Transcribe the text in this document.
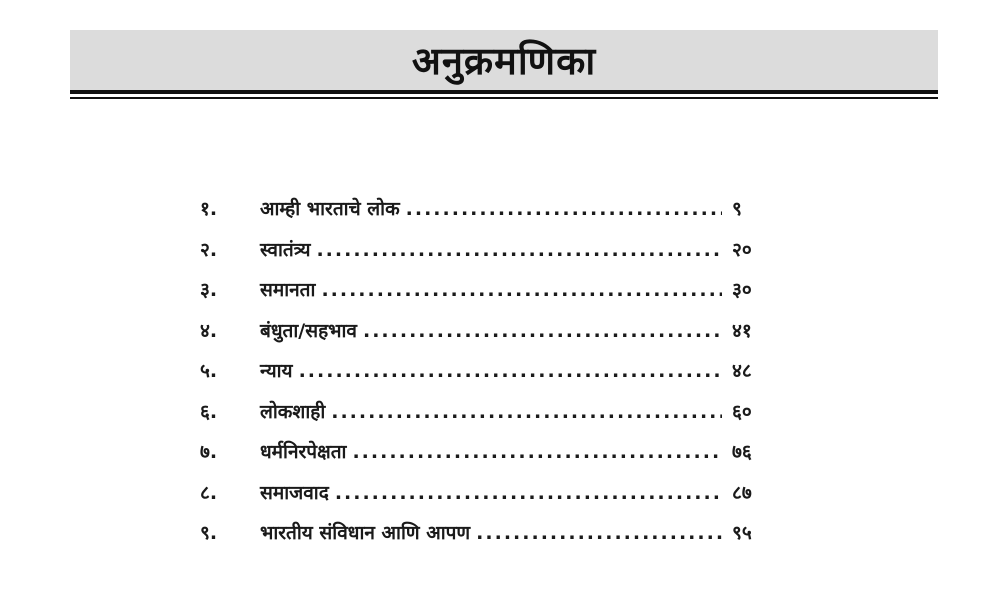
अनुक्रमणिका
१.	आम्ही भारताचे लोक .....	९
२.	स्वातंत्र्य .....	२०
३.	समानता .....	३०
४.	बंधुता/सहभाव .....	४१
५.	न्याय .....	४८
६.	लोकशाही .....	६०
७.	धर्मनिरपेक्षता .....	७६
८.	समाजवाद .....	८७
९.	भारतीय संविधान आणि आपण .....	९५
